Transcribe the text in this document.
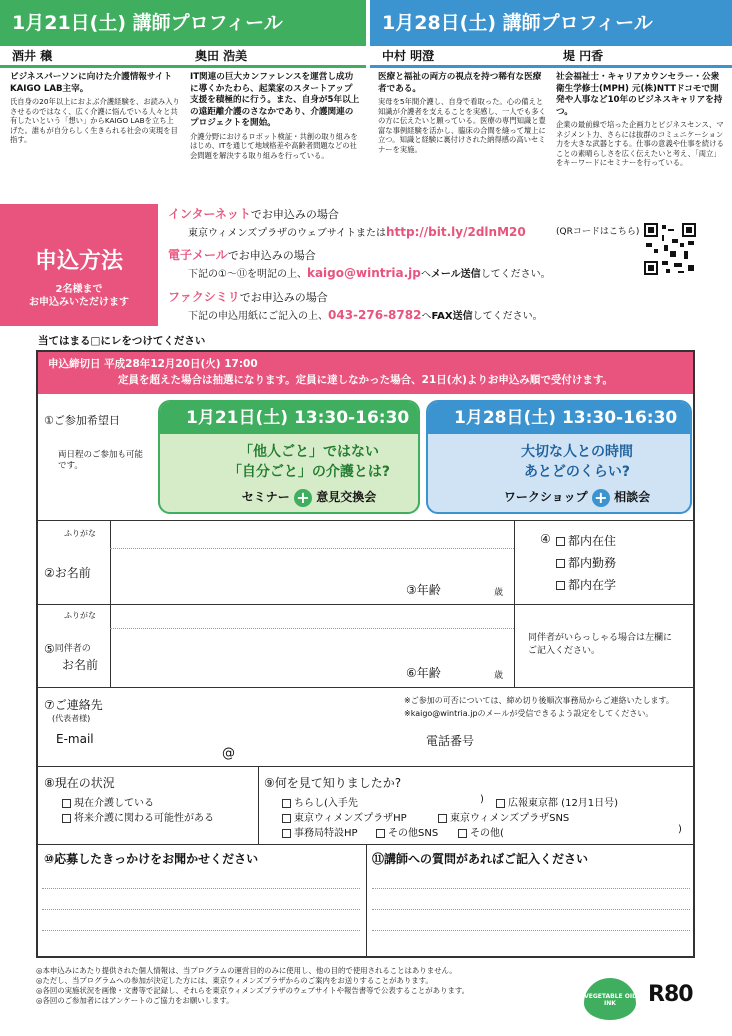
1月21日(土) 講師プロフィール	1月28日(土) 講師プロフィール
酒井 穣	奥田 浩美	中村 明澄	堤 円香
ビジネスパーソンに向けた介護情報サイトKAIGO LAB主宰。
氏自身の20年以上におよぶ介護経験を、お読み入りさせるのではなく、広く介護に悩んでいる人々と共有したいという「想い」からKAIGO LABを立ち上げた。誰もが自分らしく生きられる社会の実現を目指す。
IT関連の巨大カンファレンスを運営し成功に導くかたわら、起業家のスタートアップ支援を積極的に行う。また、自身が5年以上の遠距離介護のさなかであり、介護関連のプロジェクトを開始。
介護分野におけるロボット検証・共創の取り組みをはじめ、ITを通じて地域格差や高齢者問題などの社会問題を解決する取り組みを行っている。
医療と福祉の両方の視点を持つ稀有な医療者である。
実母を5年間介護し、自身で看取った。心の備えと知識が介護者を支えることを実感し、一人でも多くの方に伝えたいと願っている。医療の専門知識と豊富な事例経験を活かし、臨床の合間を縫って壇上に立つ。知識と経験に裏付けされた納得感の高いセミナーを実施。
社会福祉士・キャリアカウンセラー・公衆衛生学修士(MPH) 元(株)NTTドコモで開発や人事など10年のビジネスキャリアを持つ。
企業の最前線で培った企画力とビジネスセンス、マネジメント力、さらには抜群のコミュニケーション力を大きな武器とする。仕事の意義や仕事を続けることの素晴らしさを広く伝えたいと考え、「両立」をキーワードにセミナーを行っている。
申込方法
2名様まで
お申込みいただけます
インターネットでお申込みの場合
東京ウィメンズプラザのウェブサイトまたはhttp://bit.ly/2dlnM20	(QRコードはこちら)
電子メールでお申込みの場合
下記の①〜⑪を明記の上、kaigo@wintria.jpへメール送信してください。
ファクシミリでお申込みの場合
下記の申込用紙にご記入の上、043-276-8782へFAX送信してください。
当てはまる□にレをつけてください
申込締切日 平成28年12月20日(火) 17:00
定員を超えた場合は抽選になります。定員に達しなかった場合、21日(水)よりお申込み順で受付けます。
①ご参加希望日
両日程のご参加も可能です。

1月21日(土) 13:30-16:30
「他人ごと」ではない
「自分ごと」の介護とは?
セミナー + 意見交換会

1月28日(土) 13:30-16:30
大切な人との時間
あとどのくらい?
ワークショップ + 相談会
ふりがな
②お名前
③年齢	歳
④	都内在住
都内勤務
都内在学
ふりがな
⑤同伴者の
お名前
⑥年齢	歳
同伴者がいらっしゃる場合は左欄にご記入ください。
⑦ご連絡先
(代表者様)
※ご参加の可否については、締め切り後順次事務局からご連絡いたします。
※kaigo@wintria.jpのメールが受信できるよう設定をしてください。
E-mail
@
電話番号
⑧現在の状況
現在介護している
将来介護に関わる可能性がある
⑨何を見て知りましたか?
ちらし(入手先	)	広報東京都 (12月1日号)
東京ウィメンズプラザHP	東京ウィメンズプラザSNS
事務局特設HP	その他SNS	その他(	)
⑩応募したきっかけをお聞かせください	⑪講師への質問があればご記入ください
◎本申込みにあたり提供された個人情報は、当プログラムの運営目的のみに使用し、他の目的で使用されることはありません。
◎ただし、当プログラムへの参加が決定した方には、東京ウィメンズプラザからのご案内をお送りすることがあります。
◎各回の実施状況を画像・文書等で記録し、それらを東京ウィメンズプラザのウェブサイトや報告書等で公表することがあります。
◎各回のご参加者にはアンケートのご協力をお願いします。	VEGETABLE OIL INK	R80
